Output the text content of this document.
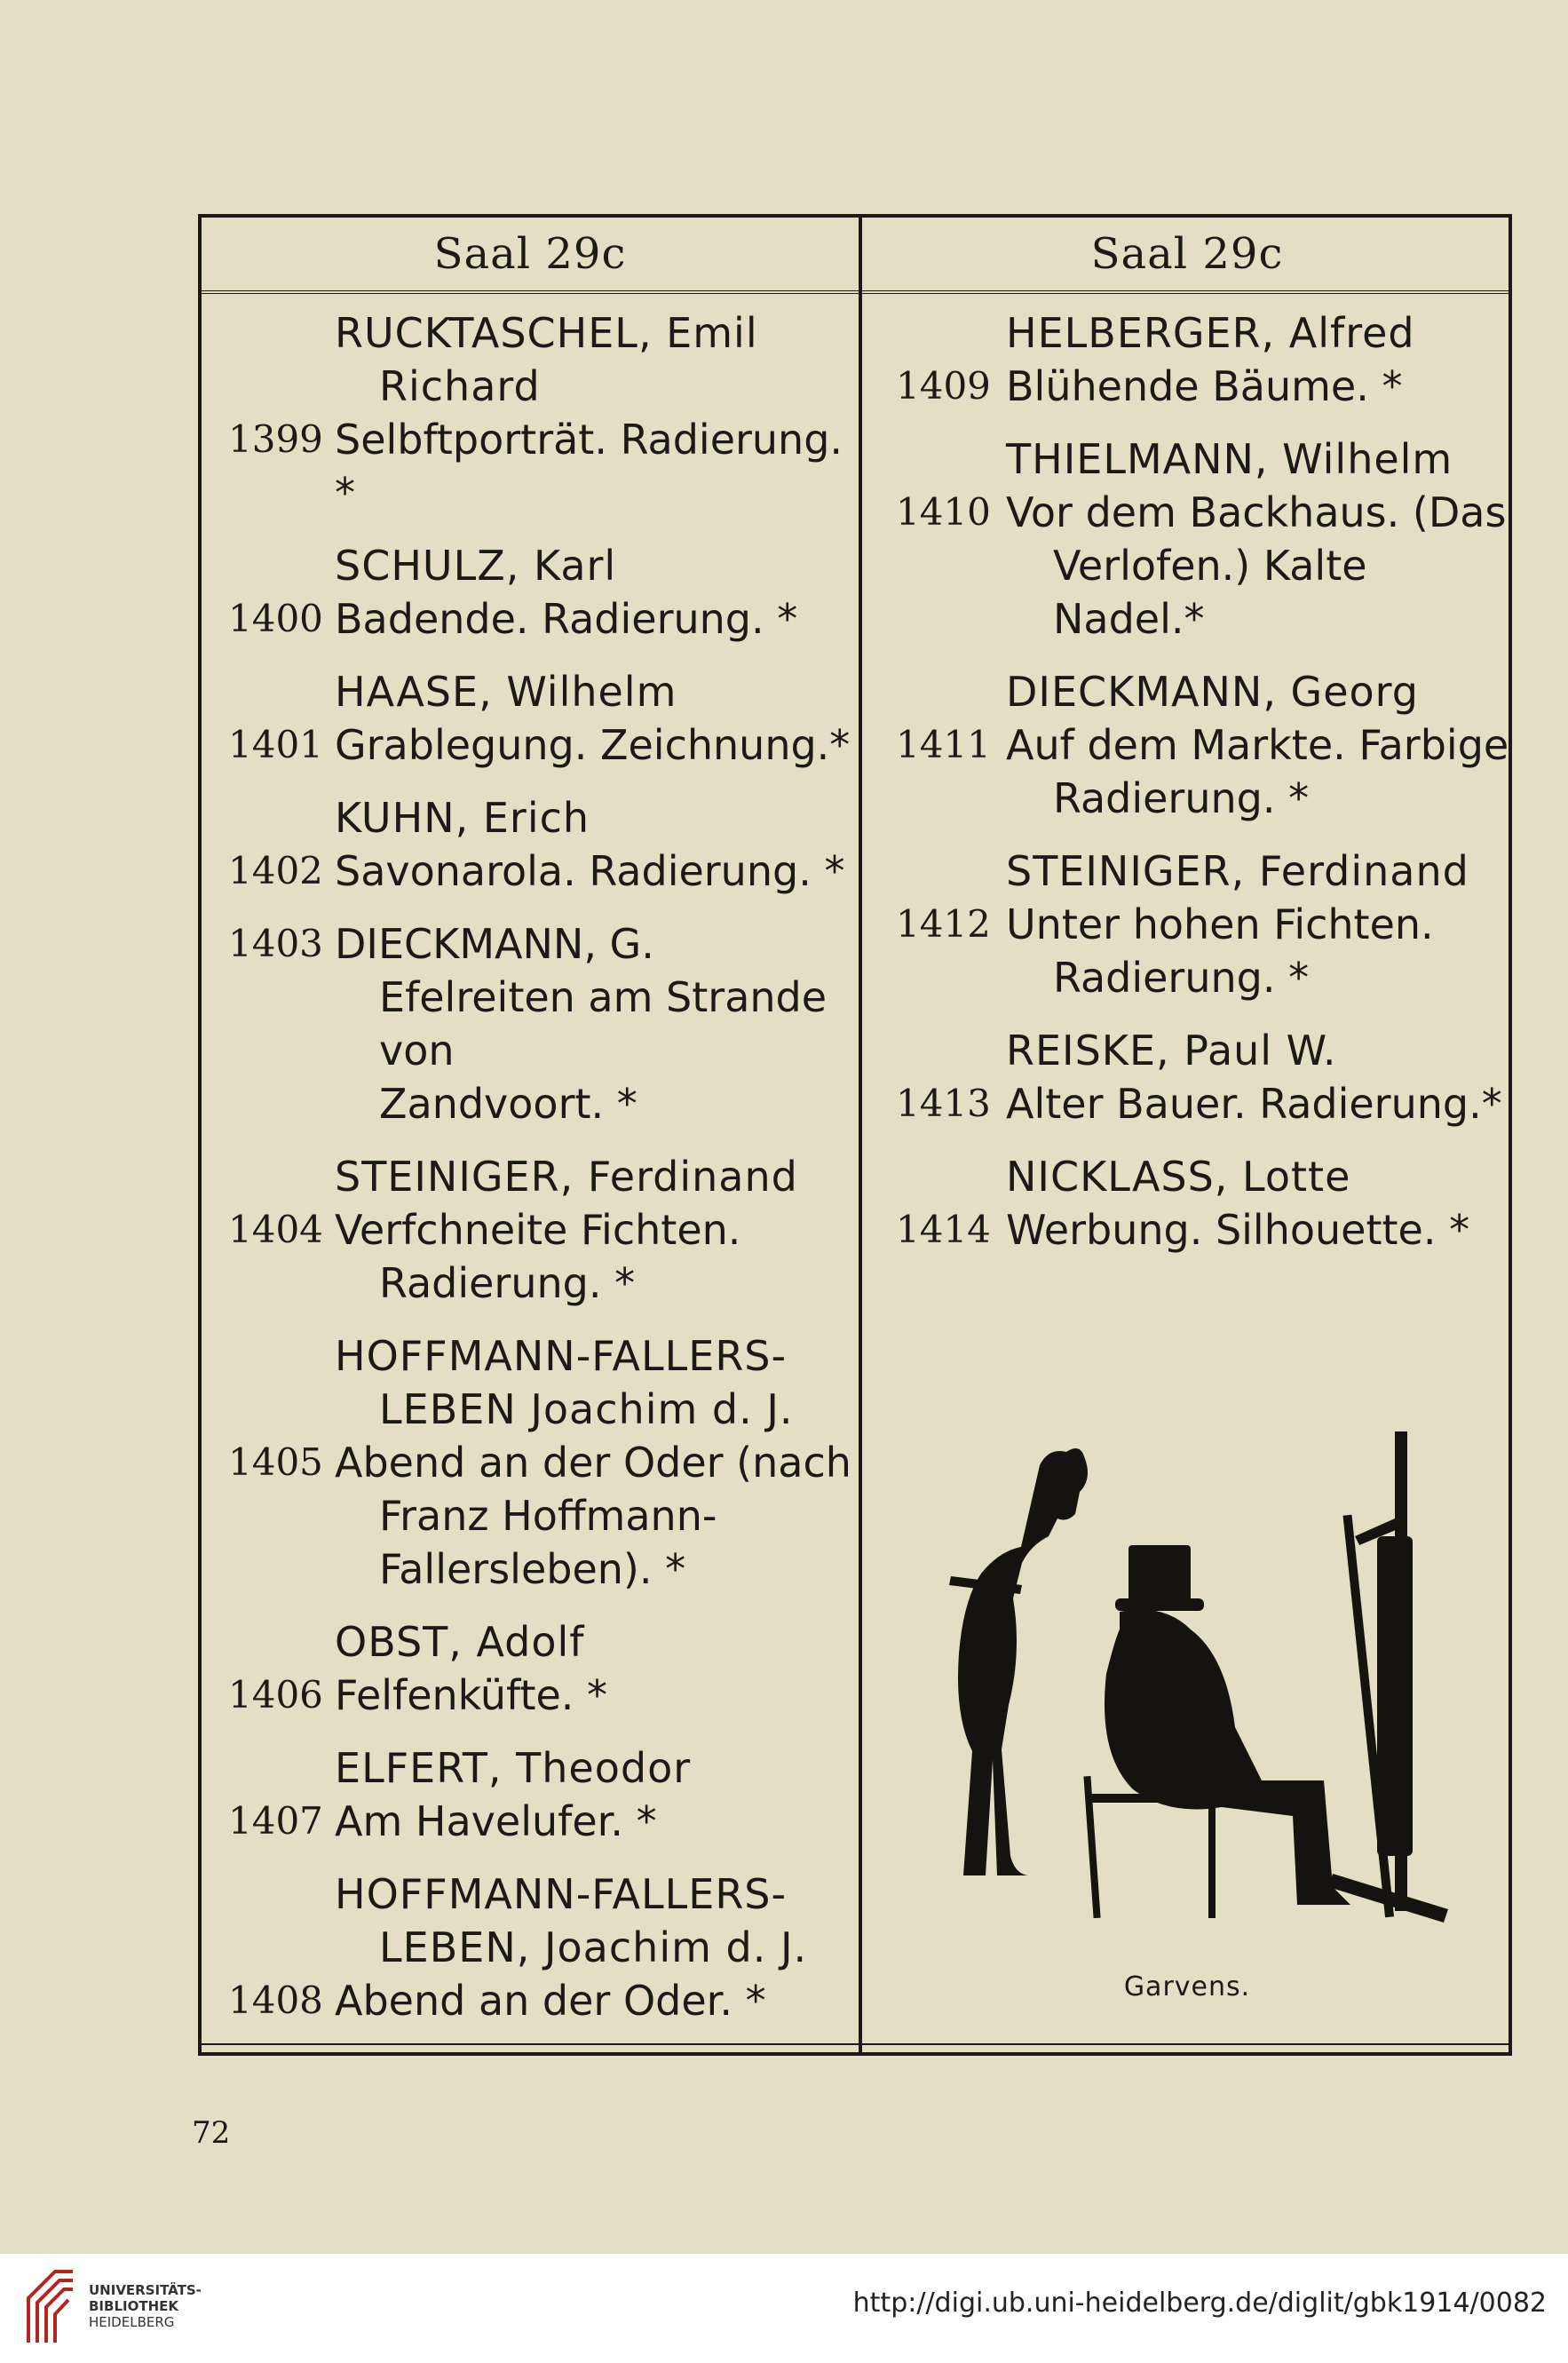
Saal 29c
RUCKTASCHEL, Emil
Richard
1399 Selbftporträt. Radierung. *
SCHULZ, Karl
1400 Badende. Radierung. *
HAASE, Wilhelm
1401 Grablegung. Zeichnung.*
KUHN, Erich
1402 Savonarola. Radierung. *
1403 DIECKMANN, G.
Efelreiten am Strande von
Zandvoort. *
STEINIGER, Ferdinand
1404 Verfchneite Fichten.
Radierung. *
HOFFMANN-FALLERS-
LEBEN Joachim d. J.
1405 Abend an der Oder (nach
Franz Hoffmann-
Fallersleben). *
OBST, Adolf
1406 Felfenküfte. *
ELFERT, Theodor
1407 Am Havelufer. *
HOFFMANN-FALLERS-
LEBEN, Joachim d. J.
1408 Abend an der Oder. *
Saal 29c
HELBERGER, Alfred
1409 Blühende Bäume. *
THIELMANN, Wilhelm
1410 Vor dem Backhaus. (Das
Verlofen.) Kalte Nadel.*
DIECKMANN, Georg
1411 Auf dem Markte. Farbige
Radierung. *
STEINIGER, Ferdinand
1412 Unter hohen Fichten.
Radierung. *
REISKE, Paul W.
1413 Alter Bauer. Radierung.*
NICKLASS, Lotte
1414 Werbung. Silhouette. *
Garvens.
72
UNIVERSITÄTS-
BIBLIOTHEK
HEIDELBERG
http://digi.ub.uni-heidelberg.de/diglit/gbk1914/0082
